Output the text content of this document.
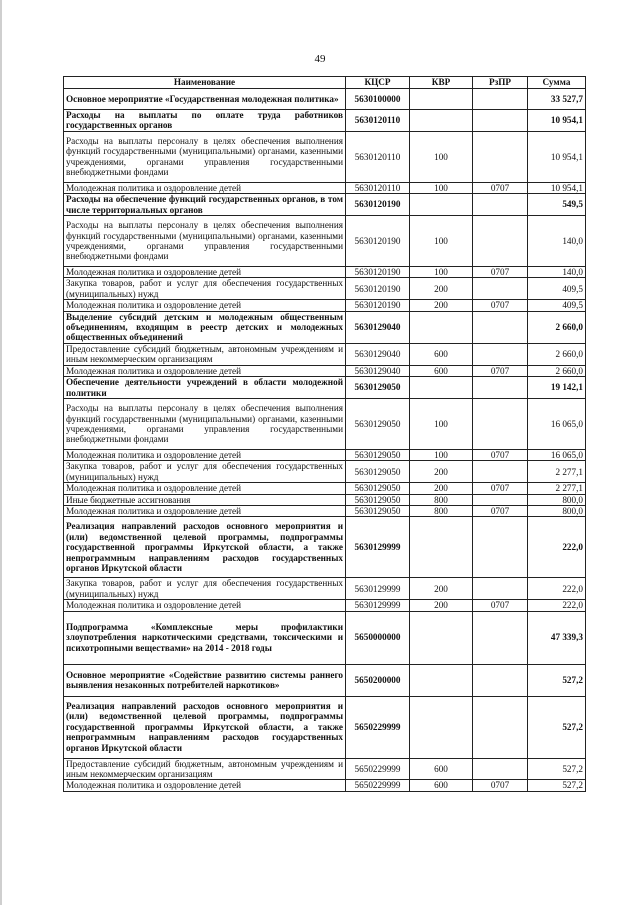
49
Наименование	КЦСР	КВР	РзПР	Сумма
Основное мероприятие «Государственная молодежная политика»	5630100000			33 527,7
Расходы на выплаты по оплате труда работников государственных органов	5630120110			10 954,1
Расходы на выплаты персоналу в целях обеспечения выполнения функций государственными (муниципальными) органами, казенными учреждениями, органами управления государственными внебюджетными фондами	5630120110	100		10 954,1
Молодежная политика и оздоровление детей	5630120110	100	0707	10 954,1
Расходы на обеспечение функций государственных органов, в том числе территориальных органов	5630120190			549,5
Расходы на выплаты персоналу в целях обеспечения выполнения функций государственными (муниципальными) органами, казенными учреждениями, органами управления государственными внебюджетными фондами	5630120190	100		140,0
Молодежная политика и оздоровление детей	5630120190	100	0707	140,0
Закупка товаров, работ и услуг для обеспечения государственных (муниципальных) нужд	5630120190	200		409,5
Молодежная политика и оздоровление детей	5630120190	200	0707	409,5
Выделение субсидий детским и молодежным общественным объединениям, входящим в реестр детских и молодежных общественных объединений	5630129040			2 660,0
Предоставление субсидий бюджетным, автономным учреждениям и иным некоммерческим организациям	5630129040	600		2 660,0
Молодежная политика и оздоровление детей	5630129040	600	0707	2 660,0
Обеспечение деятельности учреждений в области молодежной политики	5630129050			19 142,1
Расходы на выплаты персоналу в целях обеспечения выполнения функций государственными (муниципальными) органами, казенными учреждениями, органами управления государственными внебюджетными фондами	5630129050	100		16 065,0
Молодежная политика и оздоровление детей	5630129050	100	0707	16 065,0
Закупка товаров, работ и услуг для обеспечения государственных (муниципальных) нужд	5630129050	200		2 277,1
Молодежная политика и оздоровление детей	5630129050	200	0707	2 277,1
Иные бюджетные ассигнования	5630129050	800		800,0
Молодежная политика и оздоровление детей	5630129050	800	0707	800,0
Реализация направлений расходов основного мероприятия и (или) ведомственной целевой программы, подпрограммы государственной программы Иркутской области, а также непрограммным направлениям расходов государственных органов Иркутской области	5630129999			222,0
Закупка товаров, работ и услуг для обеспечения государственных (муниципальных) нужд	5630129999	200		222,0
Молодежная политика и оздоровление детей	5630129999	200	0707	222,0
Подпрограмма «Комплексные меры профилактики злоупотребления наркотическими средствами, токсическими и психотропными веществами» на 2014 - 2018 годы	5650000000			47 339,3
Основное мероприятие «Содействие развитию системы раннего выявления незаконных потребителей наркотиков»	5650200000			527,2
Реализация направлений расходов основного мероприятия и (или) ведомственной целевой программы, подпрограммы государственной программы Иркутской области, а также непрограммным направлениям расходов государственных органов Иркутской области	5650229999			527,2
Предоставление субсидий бюджетным, автономным учреждениям и иным некоммерческим организациям	5650229999	600		527,2
Молодежная политика и оздоровление детей	5650229999	600	0707	527,2
